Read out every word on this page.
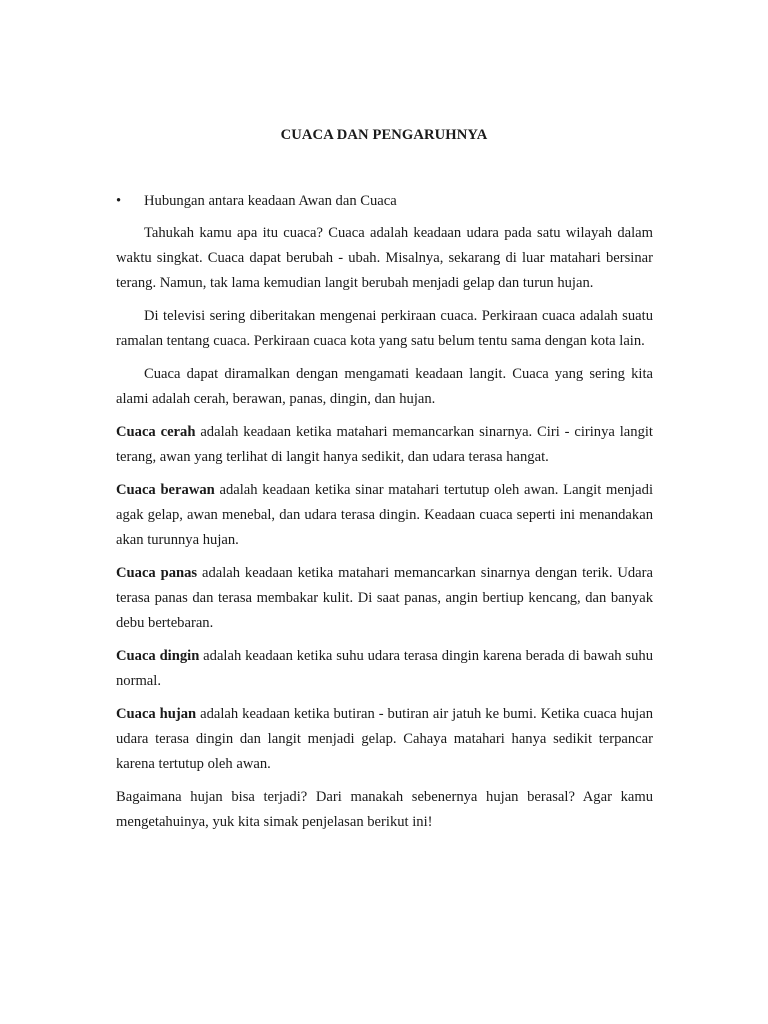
CUACA DAN PENGARUHNYA
• Hubungan antara keadaan Awan dan Cuaca

Tahukah kamu apa itu cuaca? Cuaca adalah keadaan udara pada satu wilayah dalam waktu singkat. Cuaca dapat berubah - ubah. Misalnya, sekarang di luar matahari bersinar terang. Namun, tak lama kemudian langit berubah menjadi gelap dan turun hujan.

Di televisi sering diberitakan mengenai perkiraan cuaca. Perkiraan cuaca adalah suatu ramalan tentang cuaca. Perkiraan cuaca kota yang satu belum tentu sama dengan kota lain.

Cuaca dapat diramalkan dengan mengamati keadaan langit. Cuaca yang sering kita alami adalah cerah, berawan, panas, dingin, dan hujan.

Cuaca cerah adalah keadaan ketika matahari memancarkan sinarnya. Ciri - cirinya langit terang, awan yang terlihat di langit hanya sedikit, dan udara terasa hangat.

Cuaca berawan adalah keadaan ketika sinar matahari tertutup oleh awan. Langit menjadi agak gelap, awan menebal, dan udara terasa dingin. Keadaan cuaca seperti ini menandakan akan turunnya hujan.

Cuaca panas adalah keadaan ketika matahari memancarkan sinarnya dengan terik. Udara terasa panas dan terasa membakar kulit. Di saat panas, angin bertiup kencang, dan banyak debu bertebaran.

Cuaca dingin adalah keadaan ketika suhu udara terasa dingin karena berada di bawah suhu normal.

Cuaca hujan adalah keadaan ketika butiran - butiran air jatuh ke bumi. Ketika cuaca hujan udara terasa dingin dan langit menjadi gelap. Cahaya matahari hanya sedikit terpancar karena tertutup oleh awan.

Bagaimana hujan bisa terjadi? Dari manakah sebenernya hujan berasal? Agar kamu mengetahuinya, yuk kita simak penjelasan berikut ini!
